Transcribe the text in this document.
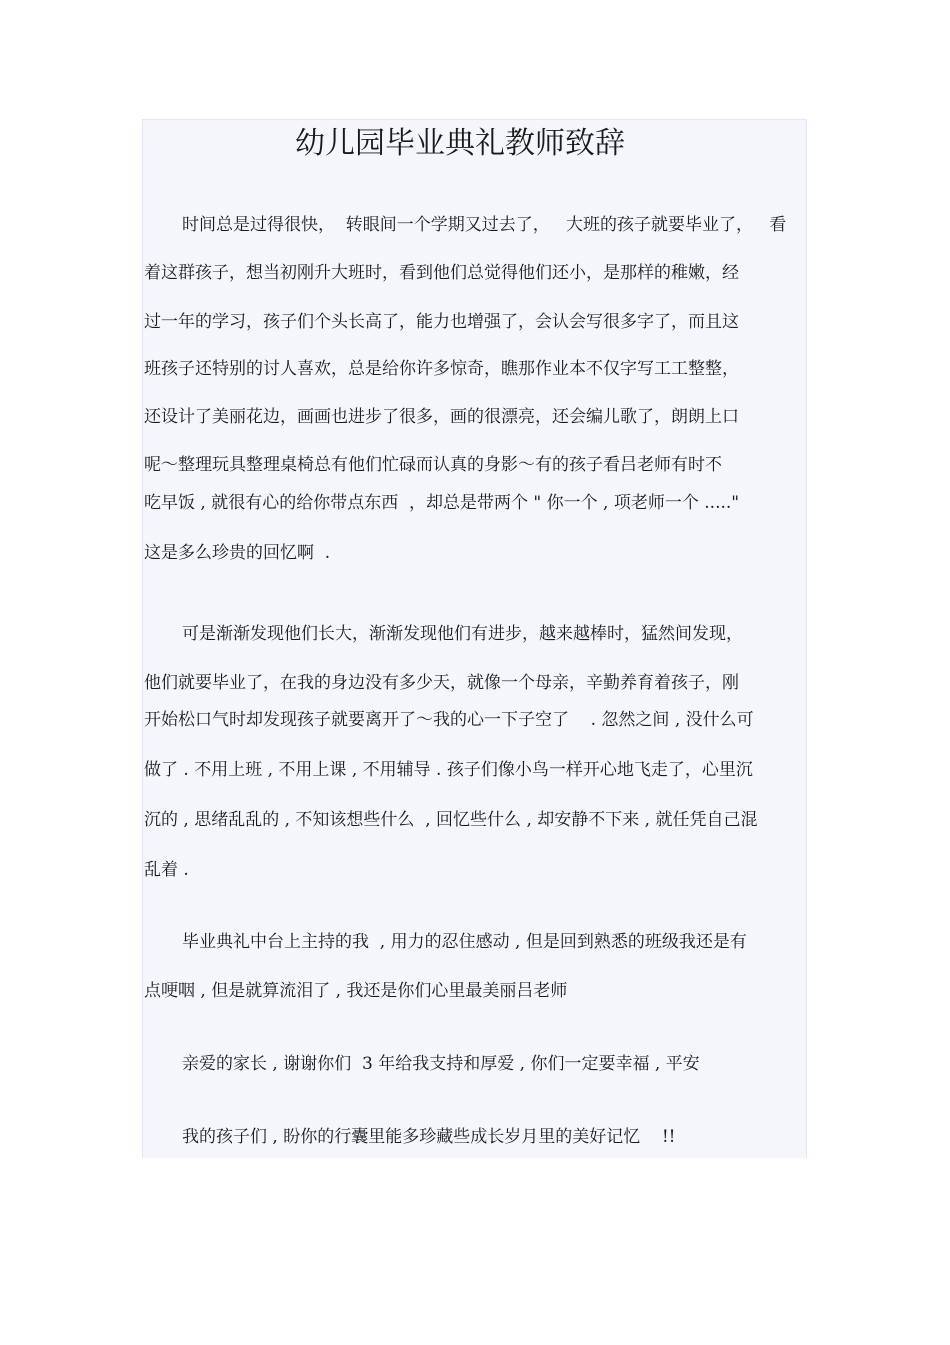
幼儿园毕业典礼教师致辞
时间总是过得很快，  转眼间一个学期又过去了，   大班的孩子就要毕业了，   看
着这群孩子，想当初刚升大班时，看到他们总觉得他们还小，是那样的稚嫩，经
过一年的学习，孩子们个头长高了，能力也增强了，会认会写很多字了，而且这
班孩子还特别的讨人喜欢，总是给你许多惊奇，瞧那作业本不仅字写工工整整，
还设计了美丽花边，画画也进步了很多，画的很漂亮，还会编儿歌了，朗朗上口
呢～整理玩具整理桌椅总有他们忙碌而认真的身影～有的孩子看吕老师有时不
吃早饭 , 就很有心的给你带点东西  ，却总是带两个 " 你一个 , 项老师一个 ....."
这是多么珍贵的回忆啊  .
可是渐渐发现他们长大，渐渐发现他们有进步，越来越棒时，猛然间发现，
他们就要毕业了，在我的身边没有多少天，就像一个母亲，辛勤养育着孩子，刚
开始松口气时却发现孩子就要离开了～我的心一下子空了    . 忽然之间 , 没什么可
做了 . 不用上班 , 不用上课 , 不用辅导 . 孩子们像小鸟一样开心地飞走了，心里沉
沉的 , 思绪乱乱的 , 不知该想些什么  , 回忆些什么 , 却安静不下来 , 就任凭自己混
乱着 .
毕业典礼中台上主持的我  , 用力的忍住感动 , 但是回到熟悉的班级我还是有
点哽咽 , 但是就算流泪了 , 我还是你们心里最美丽吕老师
亲爱的家长 , 谢谢你们  3 年给我支持和厚爱 , 你们一定要幸福 , 平安
我的孩子们 , 盼你的行囊里能多珍藏些成长岁月里的美好记忆    !!
